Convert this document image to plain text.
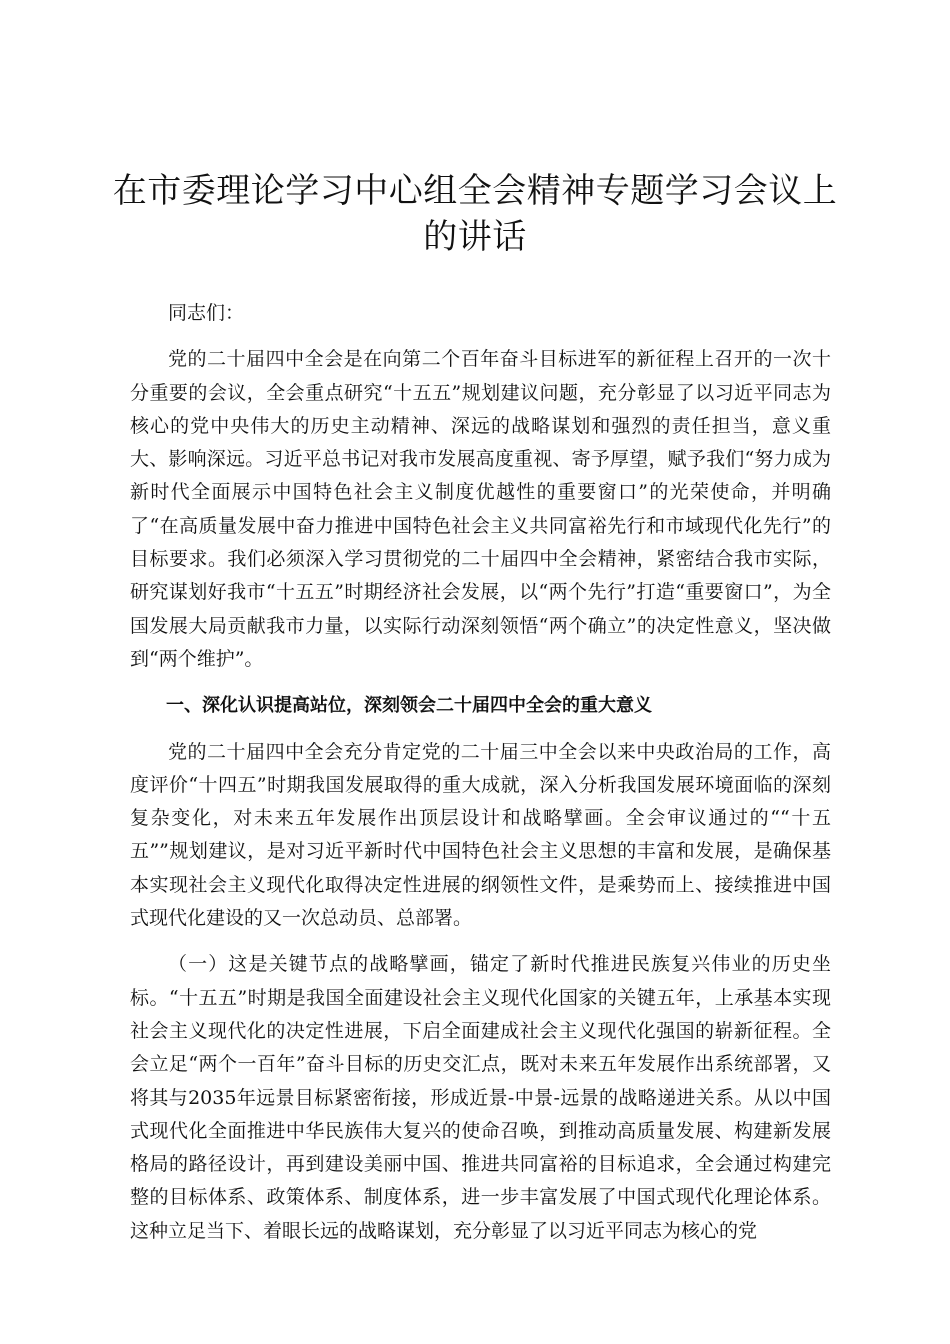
在市委理论学习中心组全会精神专题学习会议上的讲话

同志们：

党的二十届四中全会是在向第二个百年奋斗目标进军的新征程上召开的一次十分重要的会议，全会重点研究“十五五”规划建议问题，充分彰显了以习近平同志为核心的党中央伟大的历史主动精神、深远的战略谋划和强烈的责任担当，意义重大、影响深远。习近平总书记对我市发展高度重视、寄予厚望，赋予我们“努力成为新时代全面展示中国特色社会主义制度优越性的重要窗口”的光荣使命，并明确了“在高质量发展中奋力推进中国特色社会主义共同富裕先行和市域现代化先行”的目标要求。我们必须深入学习贯彻党的二十届四中全会精神，紧密结合我市实际，研究谋划好我市“十五五”时期经济社会发展，以“两个先行”打造“重要窗口”，为全国发展大局贡献我市力量，以实际行动深刻领悟“两个确立”的决定性意义，坚决做到“两个维护”。

一、深化认识提高站位，深刻领会二十届四中全会的重大意义

党的二十届四中全会充分肯定党的二十届三中全会以来中央政治局的工作，高度评价“十四五”时期我国发展取得的重大成就，深入分析我国发展环境面临的深刻复杂变化，对未来五年发展作出顶层设计和战略擘画。全会审议通过的““十五五””规划建议，是对习近平新时代中国特色社会主义思想的丰富和发展，是确保基本实现社会主义现代化取得决定性进展的纲领性文件，是乘势而上、接续推进中国式现代化建设的又一次总动员、总部署。

（一）这是关键节点的战略擘画，锚定了新时代推进民族复兴伟业的历史坐标。“十五五”时期是我国全面建设社会主义现代化国家的关键五年，上承基本实现社会主义现代化的决定性进展，下启全面建成社会主义现代化强国的崭新征程。全会立足“两个一百年”奋斗目标的历史交汇点，既对未来五年发展作出系统部署，又将其与2035年远景目标紧密衔接，形成近景-中景-远景的战略递进关系。从以中国式现代化全面推进中华民族伟大复兴的使命召唤，到推动高质量发展、构建新发展格局的路径设计，再到建设美丽中国、推进共同富裕的目标追求，全会通过构建完整的目标体系、政策体系、制度体系，进一步丰富发展了中国式现代化理论体系。这种立足当下、着眼长远的战略谋划，充分彰显了以习近平同志为核心的党
